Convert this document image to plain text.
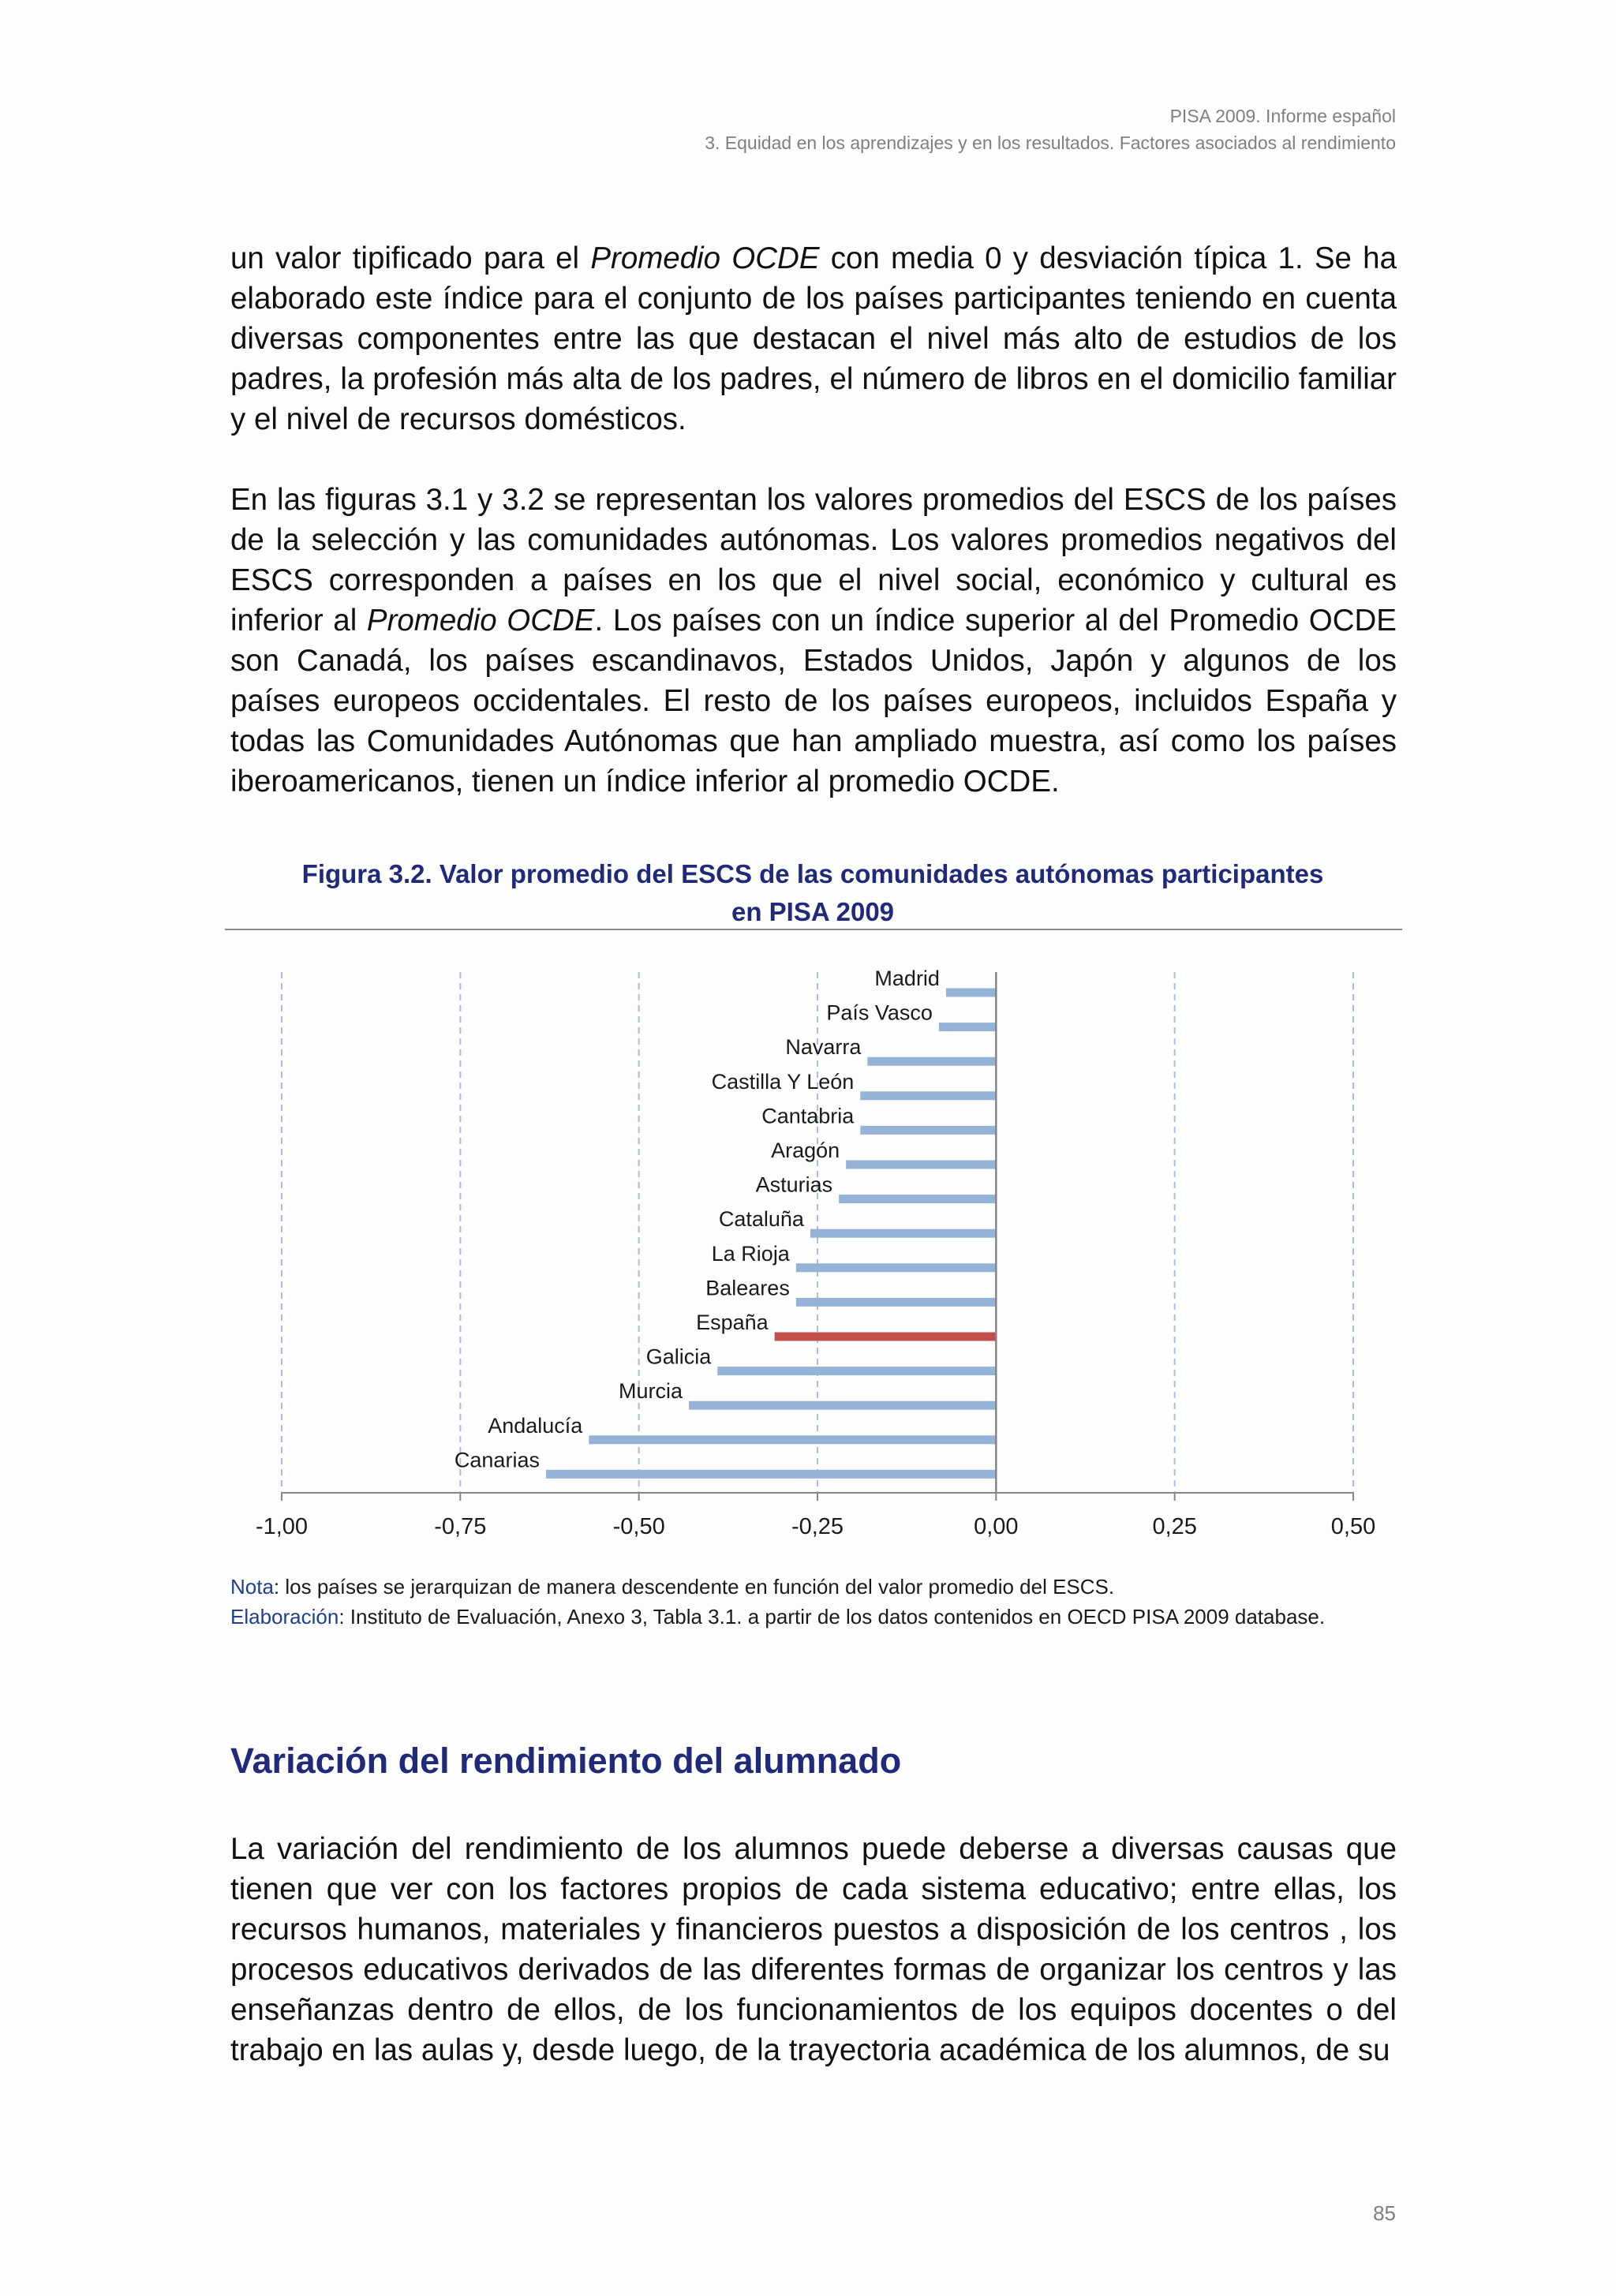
PISA 2009. Informe español
3. Equidad en los aprendizajes y en los resultados. Factores asociados al rendimiento

un valor tipificado para el Promedio OCDE con media 0 y desviación típica 1. Se ha elaborado este índice para el conjunto de los países participantes teniendo en cuenta diversas componentes entre las que destacan el nivel más alto de estudios de los padres, la profesión más alta de los padres, el número de libros en el domicilio familiar y el nivel de recursos domésticos.

En las figuras 3.1 y 3.2 se representan los valores promedios del ESCS de los países de la selección y las comunidades autónomas. Los valores promedios negativos del ESCS corresponden a países en los que el nivel social, económico y cultural es inferior al Promedio OCDE. Los países con un índice superior al del Promedio OCDE son Canadá, los países escandinavos, Estados Unidos, Japón y algunos de los países europeos occidentales. El resto de los países europeos, incluidos España y todas las Comunidades Autónomas que han ampliado muestra, así como los países iberoamericanos, tienen un índice inferior al promedio OCDE.

Figura 3.2. Valor promedio del ESCS de las comunidades autónomas participantes
en PISA 2009
Madrid
País Vasco
Navarra
Castilla Y León
Cantabria
Aragón
Asturias
Cataluña
La Rioja
Baleares
España
Galicia
Murcia
Andalucía
Canarias
-1,00	-0,75	-0,50	-0,25	0,00	0,25	0,50
Nota: los países se jerarquizan de manera descendente en función del valor promedio del ESCS.
Elaboración: Instituto de Evaluación, Anexo 3, Tabla 3.1. a partir de los datos contenidos en OECD PISA 2009 database.
Variación del rendimiento del alumnado

La variación del rendimiento de los alumnos puede deberse a diversas causas que tienen que ver con los factores propios de cada sistema educativo; entre ellas, los recursos humanos, materiales y financieros puestos a disposición de los centros , los procesos educativos derivados de las diferentes formas de organizar los centros y las enseñanzas dentro de ellos, de los funcionamientos de los equipos docentes o del trabajo en las aulas y, desde luego, de la trayectoria académica de los alumnos, de su

85
